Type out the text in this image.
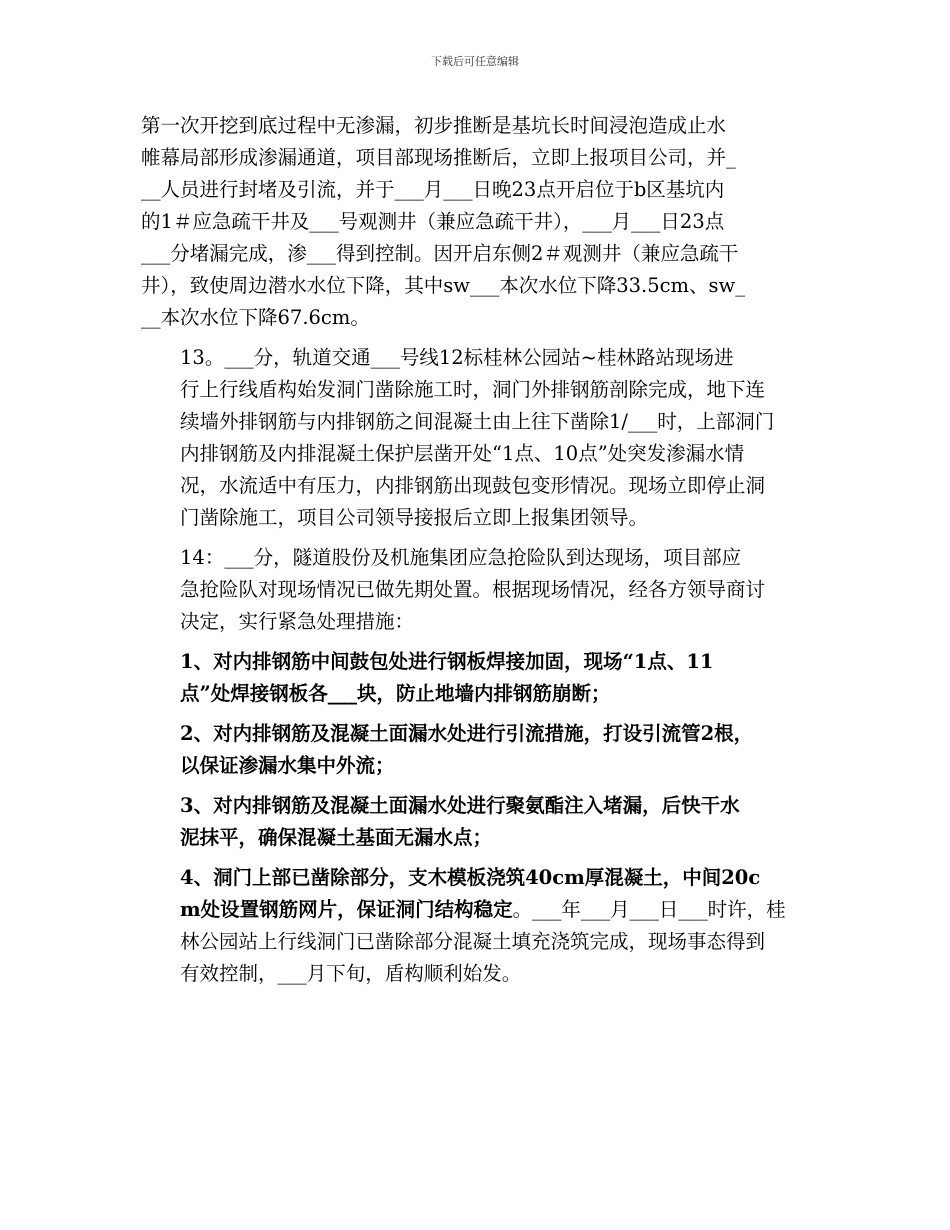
下载后可任意编辑

第一次开挖到底过程中无渗漏，初步推断是基坑长时间浸泡造成止水
帷幕局部形成渗漏通道，项目部现场推断后，立即上报项目公司，并_
__人员进行封堵及引流，并于___月___日晚23点开启位于b区基坑内
的1＃应急疏干井及___号观测井（兼应急疏干井），___月___日23点
___分堵漏完成，渗___得到控制。因开启东侧2＃观测井（兼应急疏干
井），致使周边潜水水位下降，其中sw___本次水位下降33.5cm、sw_
__本次水位下降67.6cm。

13。___分，轨道交通___号线12标桂林公园站~桂林路站现场进
行上行线盾构始发洞门凿除施工时，洞门外排钢筋剖除完成，地下连
续墙外排钢筋与内排钢筋之间混凝土由上往下凿除1/___时，上部洞门
内排钢筋及内排混凝土保护层凿开处“1点、10点”处突发渗漏水情
况，水流适中有压力，内排钢筋出现鼓包变形情况。现场立即停止洞
门凿除施工，项目公司领导接报后立即上报集团领导。

14：___分，隧道股份及机施集团应急抢险队到达现场，项目部应
急抢险队对现场情况已做先期处置。根据现场情况，经各方领导商讨
决定，实行紧急处理措施：

1、对内排钢筋中间鼓包处进行钢板焊接加固，现场“1点、11
点”处焊接钢板各___块，防止地墙内排钢筋崩断；

2、对内排钢筋及混凝土面漏水处进行引流措施，打设引流管2根，
以保证渗漏水集中外流；

3、对内排钢筋及混凝土面漏水处进行聚氨酯注入堵漏，后快干水
泥抹平，确保混凝土基面无漏水点；

4、洞门上部已凿除部分，支木模板浇筑40cm厚混凝土，中间20c
m处设置钢筋网片，保证洞门结构稳定。___年___月___日___时许，桂
林公园站上行线洞门已凿除部分混凝土填充浇筑完成，现场事态得到
有效控制，___月下旬，盾构顺利始发。
